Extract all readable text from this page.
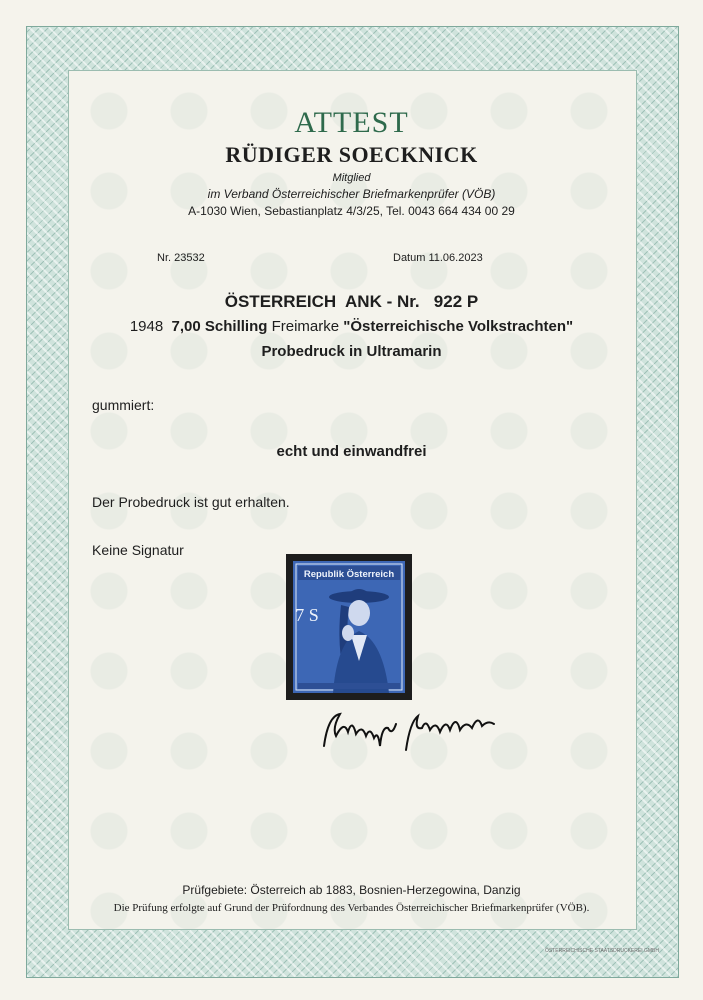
ATTEST
RÜDIGER SOECKNICK
Mitglied
im Verband Österreichischer Briefmarkenprüfer (VÖB)
A-1030 Wien, Sebastianplatz 4/3/25, Tel. 0043 664 434 00 29
Nr. 23532	Datum 11.06.2023
ÖSTERREICH  ANK - Nr.   922 P
1948 7,00 Schilling Freimarke "Österreichische Volkstrachten"
Probedruck in Ultramarin
gummiert:
echt und einwandfrei
Der Probedruck ist gut erhalten.
Keine Signatur
Republik Österreich
7 S
Prüfgebiete: Österreich ab 1883, Bosnien-Herzegowina, Danzig
Die Prüfung erfolgte auf Grund der Prüfordnung des Verbandes Österreichischer Briefmarkenprüfer (VÖB).
ÖSTERREICHISCHE STAATSDRUCKEREI GMBH
